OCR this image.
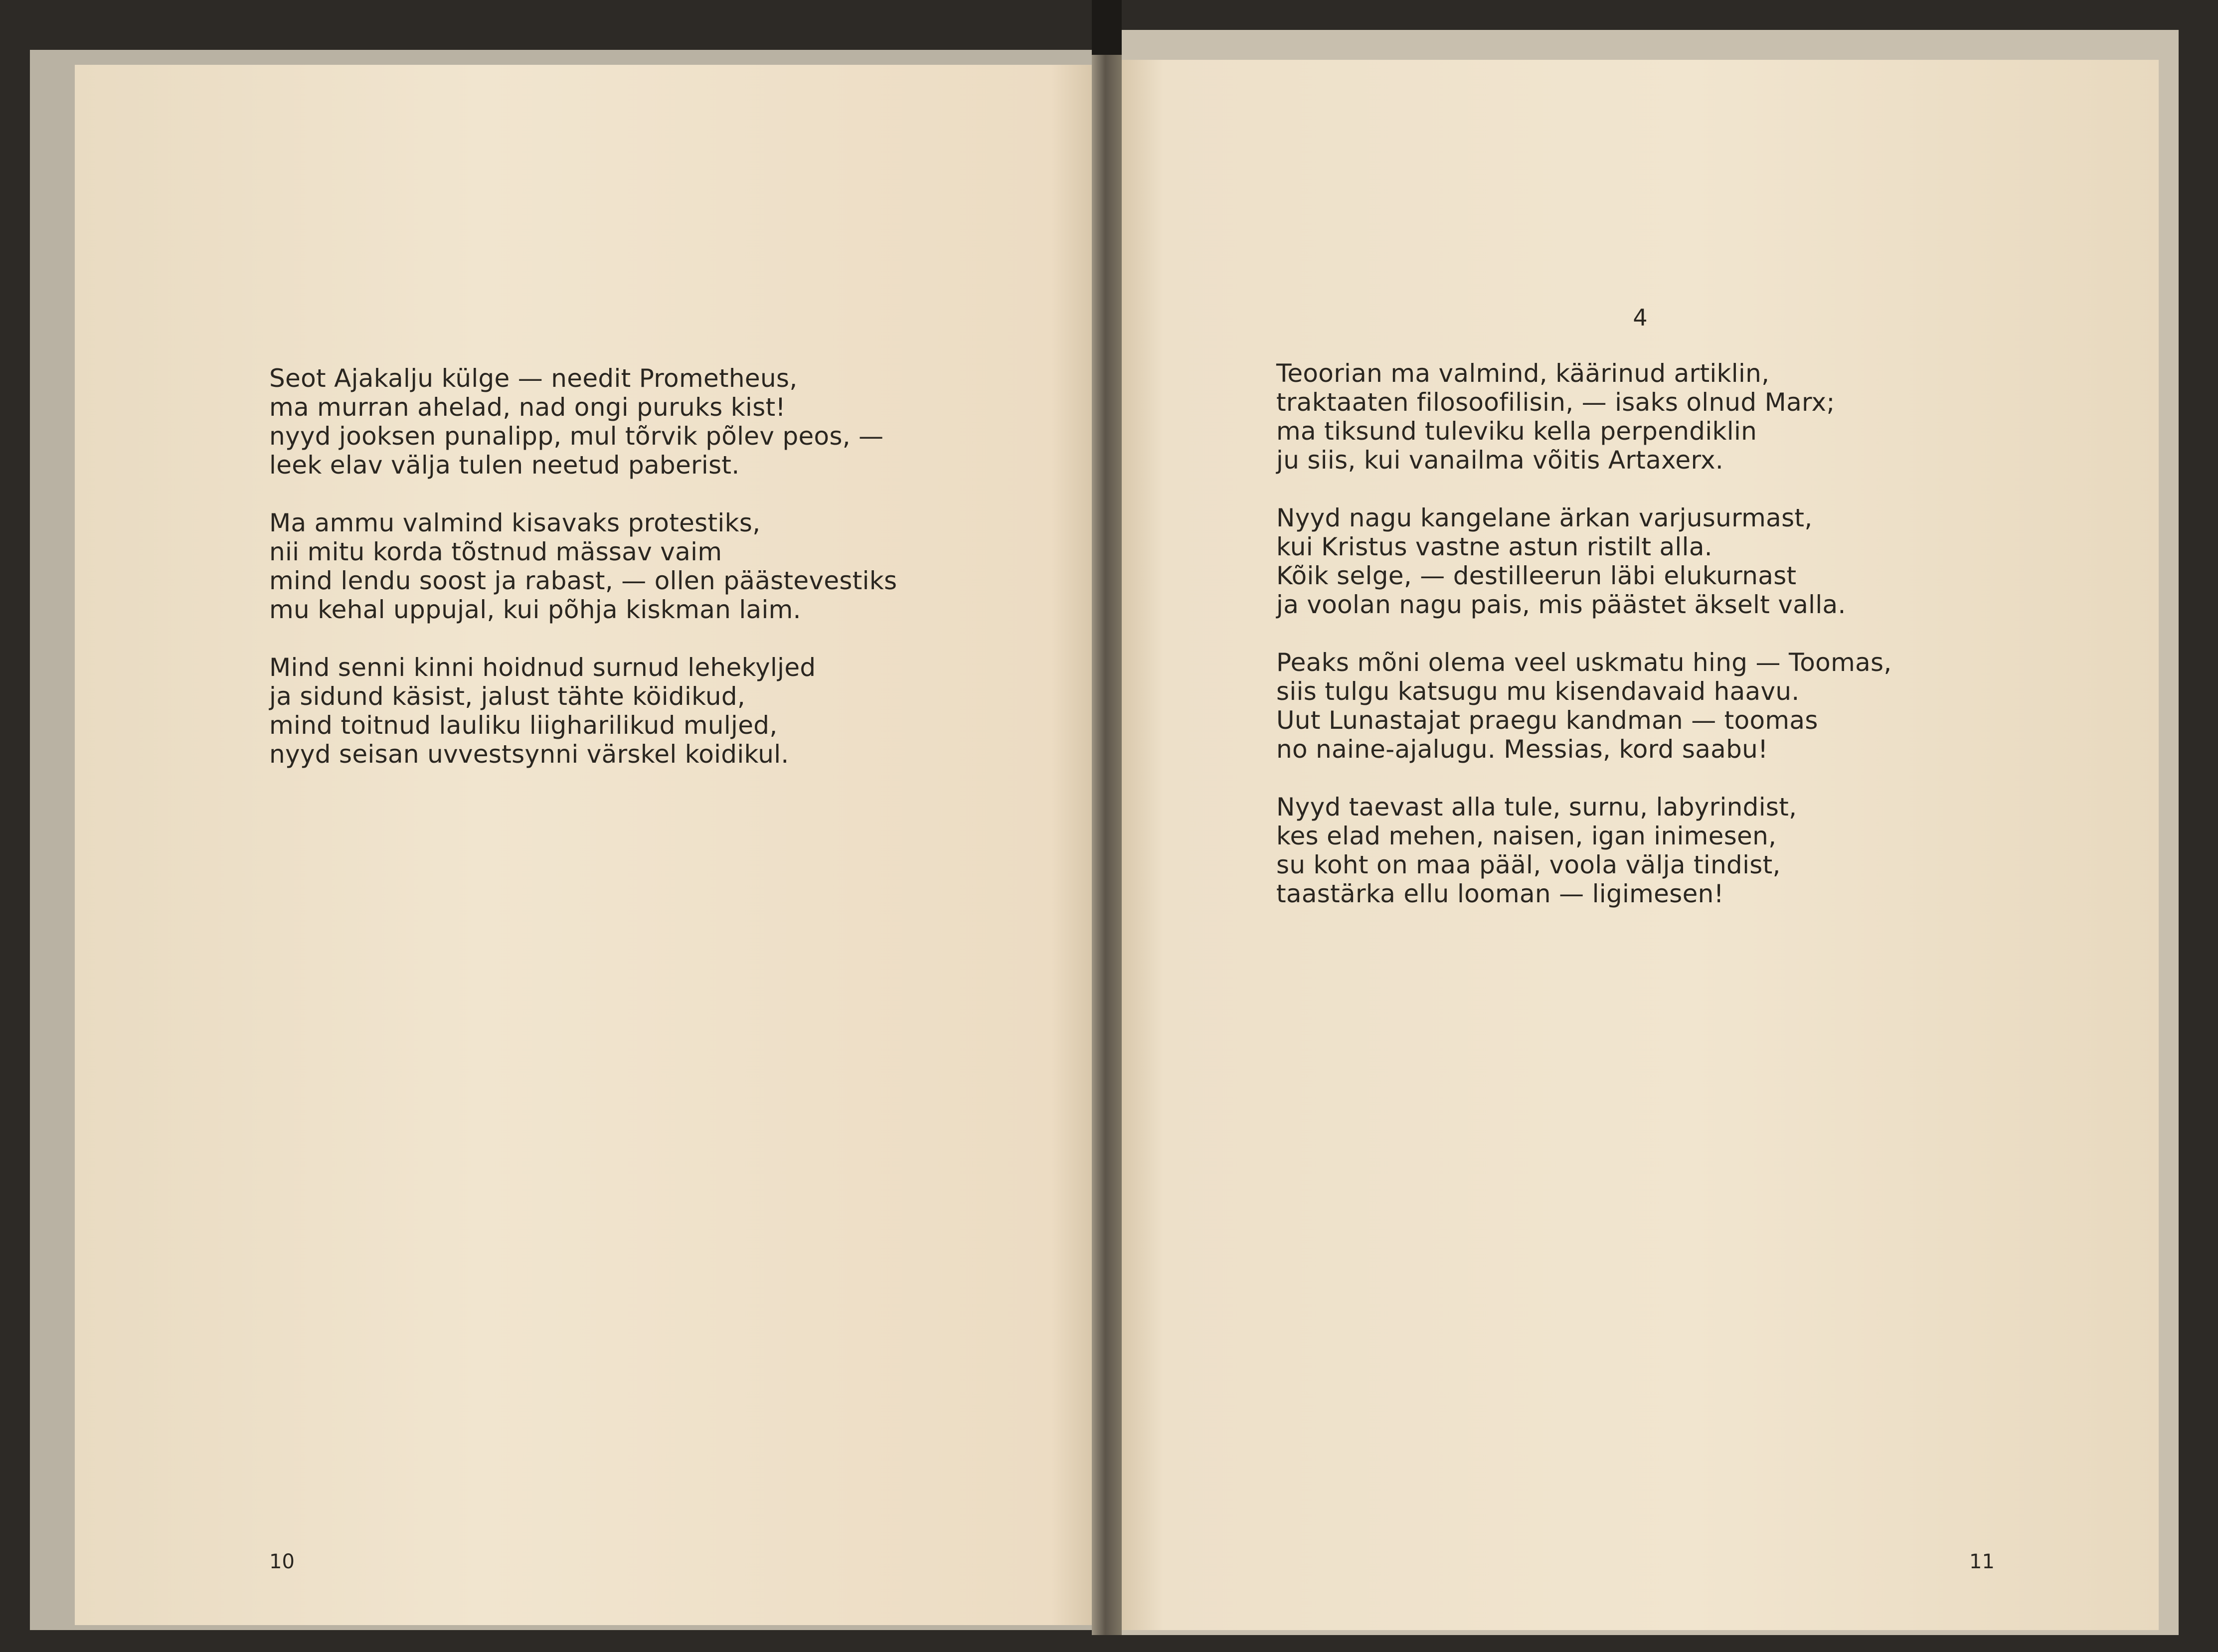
Seot Ajakalju külge — needit Prometheus,
ma murran ahelad, nad ongi puruks kist!
nyyd jooksen punalipp, mul tõrvik põlev peos, —
leek elav välja tulen neetud paberist.

Ma ammu valmind kisavaks protestiks,
nii mitu korda tõstnud mässav vaim
mind lendu soost ja rabast, — ollen päästevestiks
mu kehal uppujal, kui põhja kiskman laim.

Mind senni kinni hoidnud surnud lehekyljed
ja sidund käsist, jalust tähte köidikud,
mind toitnud lauliku liigharilikud muljed,
nyyd seisan uvvestsynni värskel koidikul.

10
4

Teoorian ma valmind, käärinud artiklin,
traktaaten filosoofilisin, — isaks olnud Marx;
ma tiksund tuleviku kella perpendiklin
ju siis, kui vanailma võitis Artaxerx.

Nyyd nagu kangelane ärkan varjusurmast,
kui Kristus vastne astun ristilt alla.
Kõik selge, — destilleerun läbi elukurnast
ja voolan nagu pais, mis päästet äkselt valla.

Peaks mõni olema veel uskmatu hing — Toomas,
siis tulgu katsugu mu kisendavaid haavu.
Uut Lunastajat praegu kandman — toomas
no naine-ajalugu. Messias, kord saabu!

Nyyd taevast alla tule, surnu, labyrindist,
kes elad mehen, naisen, igan inimesen,
su koht on maa pääl, voola välja tindist,
taastärka ellu looman — ligimesen!

11
